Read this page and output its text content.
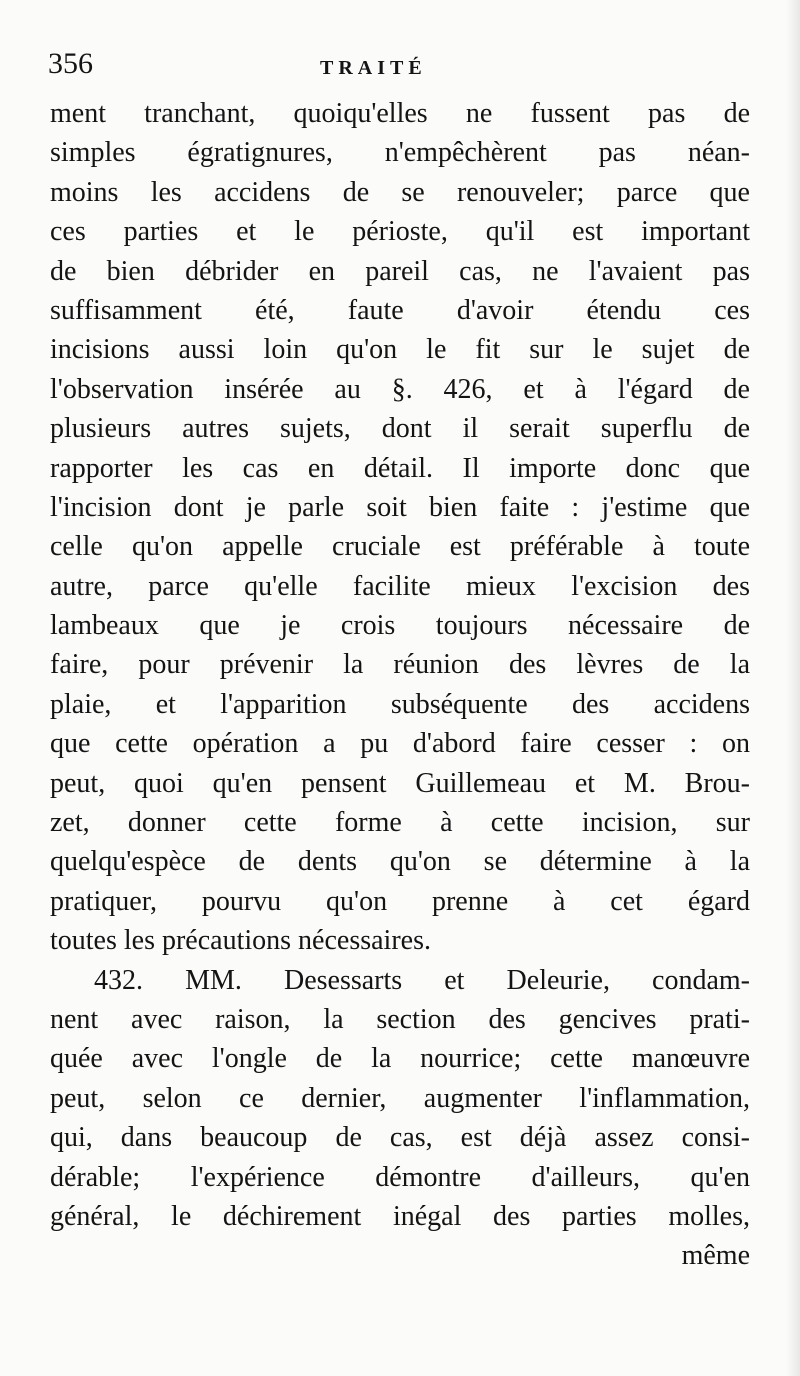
356	TRAITÉ
ment tranchant, quoiqu'elles ne fussent pas de
simples égratignures, n'empêchèrent pas néan-
moins les accidens de se renouveler; parce que
ces parties et le périoste, qu'il est important
de bien débrider en pareil cas, ne l'avaient pas
suffisamment été, faute d'avoir étendu ces
incisions aussi loin qu'on le fit sur le sujet de
l'observation insérée au §. 426, et à l'égard de
plusieurs autres sujets, dont il serait superflu de
rapporter les cas en détail. Il importe donc que
l'incision dont je parle soit bien faite : j'estime que
celle qu'on appelle cruciale est préférable à toute
autre, parce qu'elle facilite mieux l'excision des
lambeaux que je crois toujours nécessaire de
faire, pour prévenir la réunion des lèvres de la
plaie, et l'apparition subséquente des accidens
que cette opération a pu d'abord faire cesser : on
peut, quoi qu'en pensent Guillemeau et M. Brou-
zet, donner cette forme à cette incision, sur
quelqu'espèce de dents qu'on se détermine à la
pratiquer, pourvu qu'on prenne à cet égard
toutes les précautions nécessaires.
432. MM. Desessarts et Deleurie, condam-
nent avec raison, la section des gencives prati-
quée avec l'ongle de la nourrice; cette manœuvre
peut, selon ce dernier, augmenter l'inflammation,
qui, dans beaucoup de cas, est déjà assez consi-
dérable; l'expérience démontre d'ailleurs, qu'en
général, le déchirement inégal des parties molles,
même
